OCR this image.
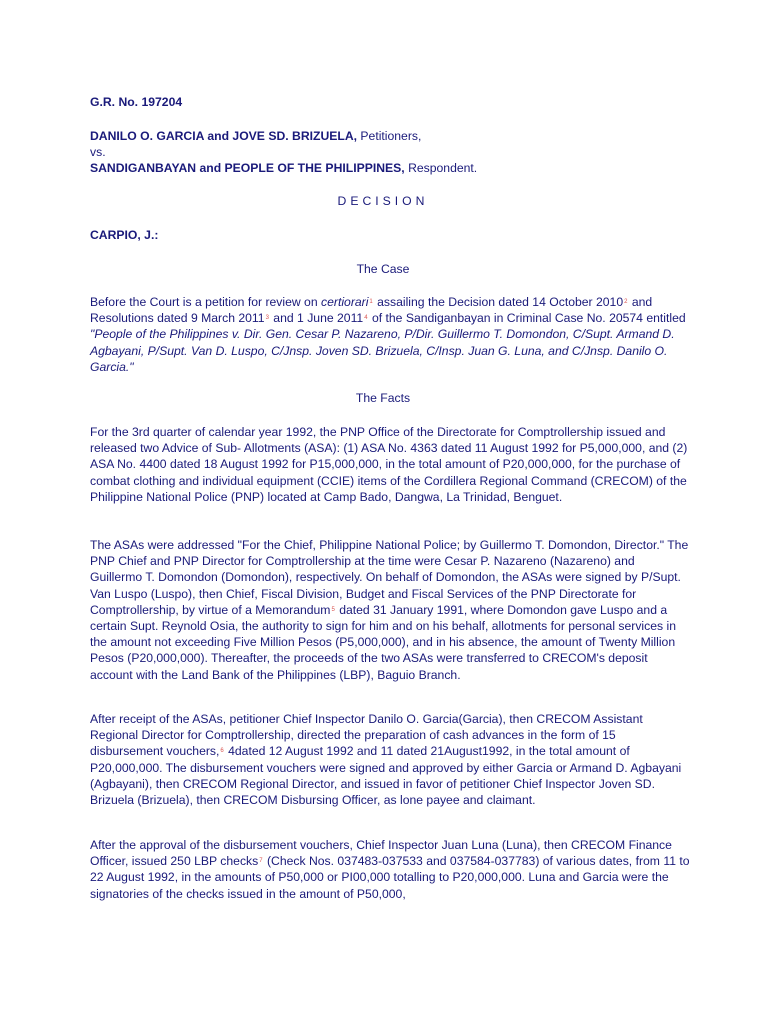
G.R. No. 197204
DANILO O. GARCIA and JOVE SD. BRIZUELA, Petitioners,
vs.
SANDIGANBAYAN and PEOPLE OF THE PHILIPPINES, Respondent.
DECISION
CARPIO, J.:
The Case

Before the Court is a petition for review on certiorari$^1$ assailing the Decision dated 14 October 2010$^2$ and Resolutions dated 9 March 2011$^3$ and 1 June 2011$^4$ of the Sandiganbayan in Criminal Case No. 20574 entitled "People of the Philippines v. Dir. Gen. Cesar P. Nazareno, P/Dir. Guillermo T. Domondon, C/Supt. Armand D. Agbayani, P/Supt. Van D. Luspo, C/Jnsp. Joven SD. Brizuela, C/Insp. Juan G. Luna, and C/Jnsp. Danilo O. Garcia."

The Facts

For the 3rd quarter of calendar year 1992, the PNP Office of the Directorate for Comptrollership issued and released two Advice of Sub- Allotments (ASA): (1) ASA No. 4363 dated 11 August 1992 for P5,000,000, and (2) ASA No. 4400 dated 18 August 1992 for P15,000,000, in the total amount of P20,000,000, for the purchase of combat clothing and individual equipment (CCIE) items of the Cordillera Regional Command (CRECOM) of the Philippine National Police (PNP) located at Camp Bado, Dangwa, La Trinidad, Benguet.

The ASAs were addressed "For the Chief, Philippine National Police; by Guillermo T. Domondon, Director." The PNP Chief and PNP Director for Comptrollership at the time were Cesar P. Nazareno (Nazareno) and Guillermo T. Domondon (Domondon), respectively. On behalf of Domondon, the ASAs were signed by P/Supt. Van Luspo (Luspo), then Chief, Fiscal Division, Budget and Fiscal Services of the PNP Directorate for Comptrollership, by virtue of a Memorandum$^5$ dated 31 January 1991, where Domondon gave Luspo and a certain Supt. Reynold Osia, the authority to sign for him and on his behalf, allotments for personal services in the amount not exceeding Five Million Pesos (P5,000,000), and in his absence, the amount of Twenty Million Pesos (P20,000,000). Thereafter, the proceeds of the two ASAs were transferred to CRECOM's deposit account with the Land Bank of the Philippines (LBP), Baguio Branch.

After receipt of the ASAs, petitioner Chief Inspector Danilo O. Garcia(Garcia), then CRECOM Assistant Regional Director for Comptrollership, directed the preparation of cash advances in the form of 15 disbursement vouchers,$^6$ 4dated 12 August 1992 and 11 dated 21August1992, in the total amount of P20,000,000. The disbursement vouchers were signed and approved by either Garcia or Armand D. Agbayani (Agbayani), then CRECOM Regional Director, and issued in favor of petitioner Chief Inspector Joven SD. Brizuela (Brizuela), then CRECOM Disbursing Officer, as lone payee and claimant.

After the approval of the disbursement vouchers, Chief Inspector Juan Luna (Luna), then CRECOM Finance Officer, issued 250 LBP checks$^7$ (Check Nos. 037483-037533 and 037584-037783) of various dates, from 11 to 22 August 1992, in the amounts of P50,000 or PI00,000 totalling to P20,000,000. Luna and Garcia were the signatories of the checks issued in the amount of P50,000,
